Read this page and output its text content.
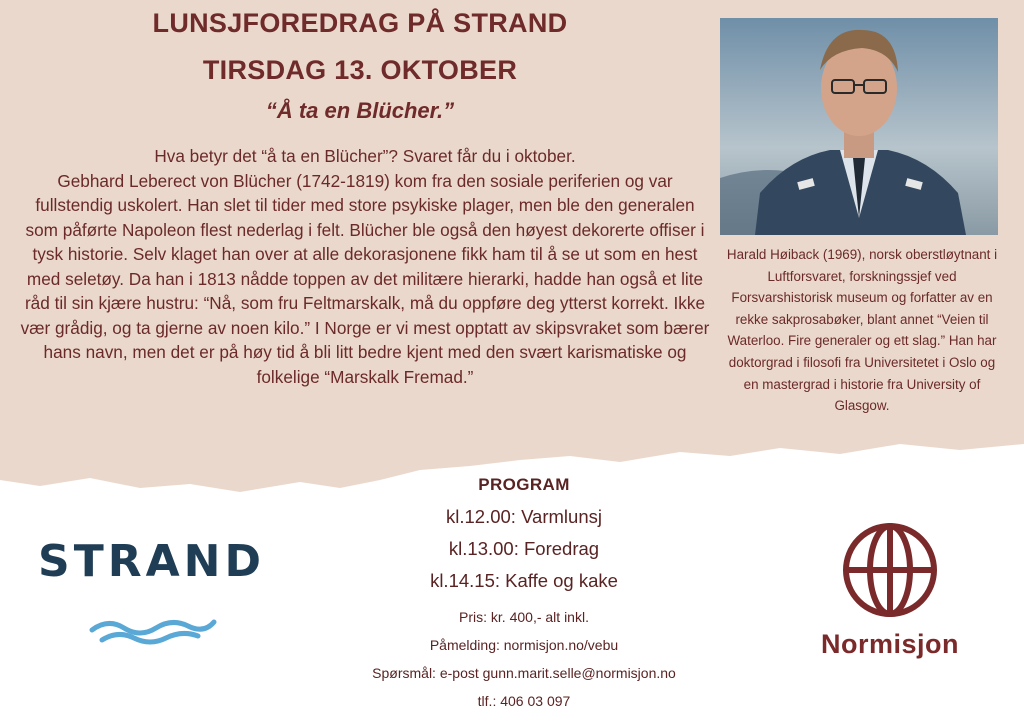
LUNSJFOREDRAG PÅ STRAND
TIRSDAG 13. OKTOBER
“Å ta en Blücher.”

Hva betyr det “å ta en Blücher”? Svaret får du i oktober.

Gebhard Leberect von Blücher (1742-1819) kom fra den sosiale periferien og var fullstendig uskolert. Han slet til tider med store psykiske plager, men ble den generalen som påførte Napoleon flest nederlag i felt. Blücher ble også den høyest dekorerte offiser i tysk historie. Selv klaget han over at alle dekorasjonene fikk ham til å se ut som en hest med seletøy. Da han i 1813 nådde toppen av det militære hierarki, hadde han også et lite råd til sin kjære hustru: “Nå, som fru Feltmarskalk, må du oppføre deg ytterst korrekt. Ikke vær grådig, og ta gjerne av noen kilo.” I Norge er vi mest opptatt av skipsvraket som bærer hans navn, men det er på høy tid å bli litt bedre kjent med den svært karismatiske og folkelige “Marskalk Fremad.”

Harald Høiback (1969), norsk oberstløytnant i Luftforsvaret, forskningssjef ved Forsvarshistorisk museum og forfatter av en rekke sakprosabøker, blant annet “Veien til Waterloo. Fire generaler og ett slag.” Han har doktorgrad i filosofi fra Universitetet i Oslo og en mastergrad i historie fra University of Glasgow.
PROGRAM
kl.12.00: Varmlunsj
kl.13.00: Foredrag
kl.14.15: Kaffe og kake
Pris: kr. 400,- alt inkl.
Påmelding: normisjon.no/vebu
Spørsmål: e-post gunn.marit.selle@normisjon.no
tlf.: 406 03 097
STRAND
Normisjon
